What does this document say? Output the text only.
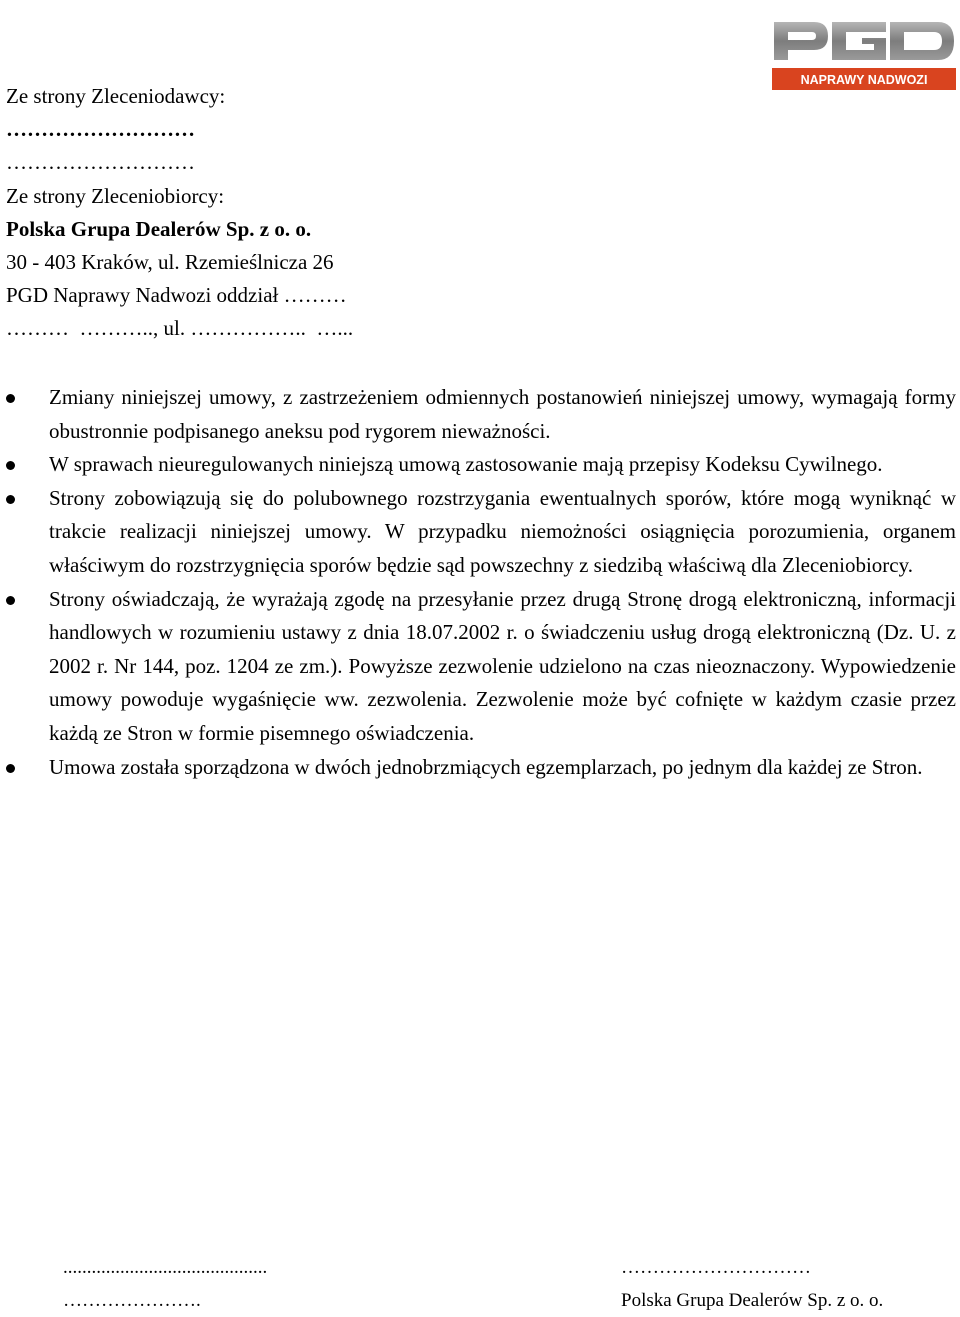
NAPRAWY NADWOZI
Ze strony Zleceniodawcy:
………………………
………………………
Ze strony Zleceniobiorcy:
Polska Grupa Dealerów Sp. z o. o.
30 - 403 Kraków, ul. Rzemieślnicza 26
PGD Naprawy Nadwozi oddział ………
………  ……….., ul. ……………..  …...
Zmiany niniejszej umowy, z zastrzeżeniem odmiennych postanowień niniejszej umowy, wymagają formy obustronnie podpisanego aneksu pod rygorem nieważności.
W sprawach nieuregulowanych niniejszą umową zastosowanie mają przepisy Kodeksu Cywilnego.
Strony zobowiązują się do polubownego rozstrzygania ewentualnych sporów, które mogą wyniknąć w trakcie realizacji niniejszej umowy. W przypadku niemożności osiągnięcia porozumienia, organem właściwym do rozstrzygnięcia sporów będzie sąd powszechny z siedzibą właściwą dla Zleceniobiorcy.
Strony oświadczają, że wyrażają zgodę na przesyłanie przez drugą Stronę drogą elektroniczną, informacji handlowych w rozumieniu ustawy z dnia 18.07.2002 r. o świadczeniu usług drogą elektroniczną (Dz. U. z 2002 r. Nr 144, poz. 1204 ze zm.). Powyższe zezwolenie udzielono na czas nieoznaczony. Wypowiedzenie umowy powoduje wygaśnięcie ww. zezwolenia. Zezwolenie może być cofnięte w każdym czasie przez każdą ze Stron w formie pisemnego oświadczenia.
Umowa została sporządzona w dwóch jednobrzmiących egzemplarzach, po jednym dla każdej ze Stron.
...........................................
………………….
…………………………
Polska Grupa Dealerów Sp. z o. o.
